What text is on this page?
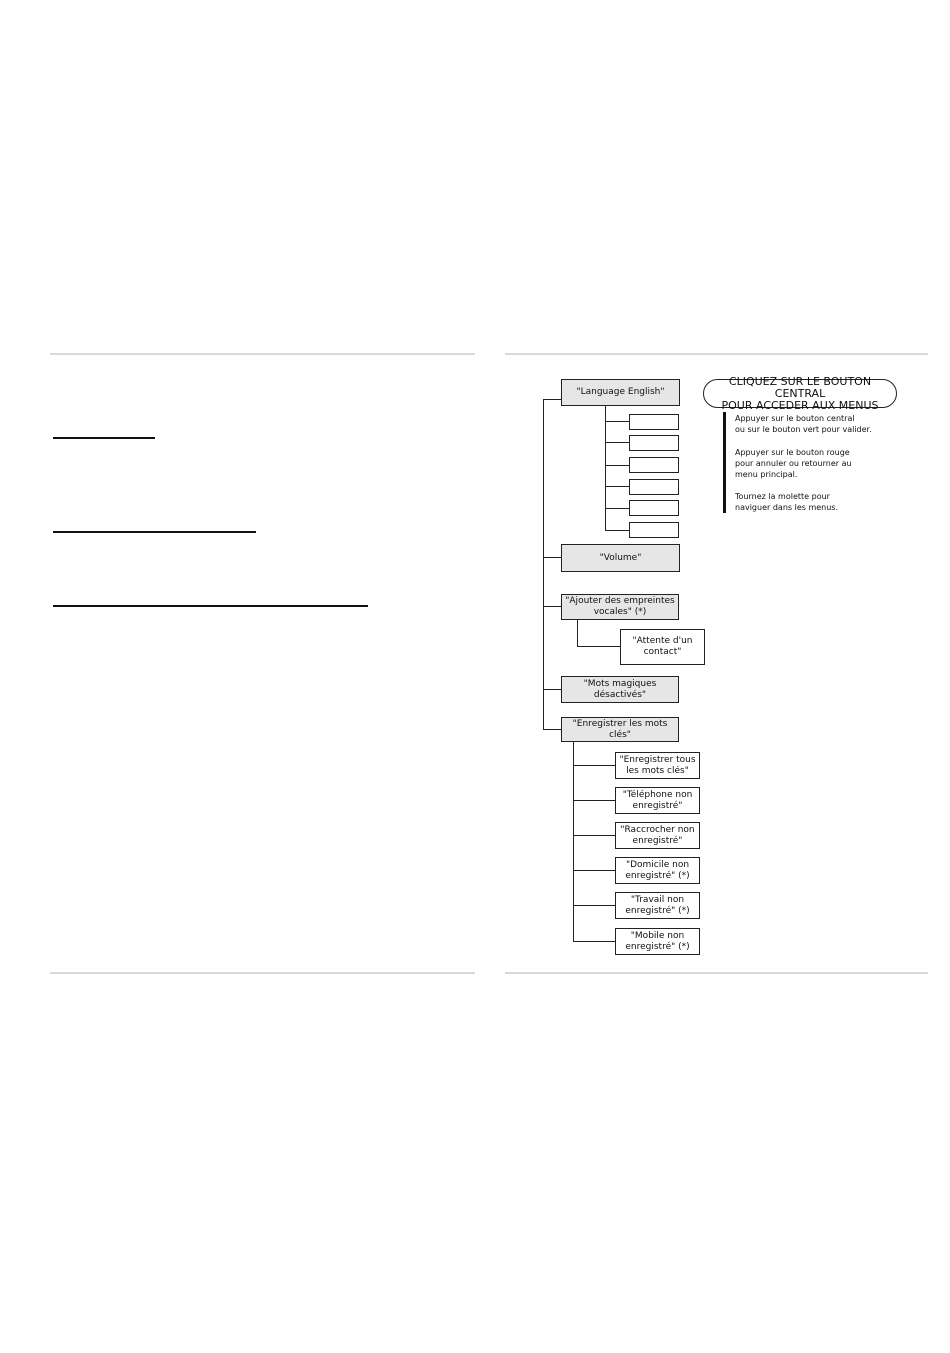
"Language English"
"Volume"
"Ajouter des empreintes
vocales" (*)
"Attente d'un
contact"
"Mots magiques
désactivés"
"Enregistrer les mots clés"
"Enregistrer tous
les mots clés"
"Téléphone non
enregistré"
"Raccrocher non
enregistré"
"Domicile non
enregistré" (*)
"Travail non
enregistré" (*)
"Mobile non
enregistré" (*)
CLIQUEZ SUR LE BOUTON CENTRAL
POUR ACCEDER AUX MENUS
Appuyer sur le bouton central
ou sur le bouton vert pour valider.
Appuyer sur le bouton rouge
pour annuler ou retourner au
menu principal.
Tournez la molette pour
naviguer dans les menus.
